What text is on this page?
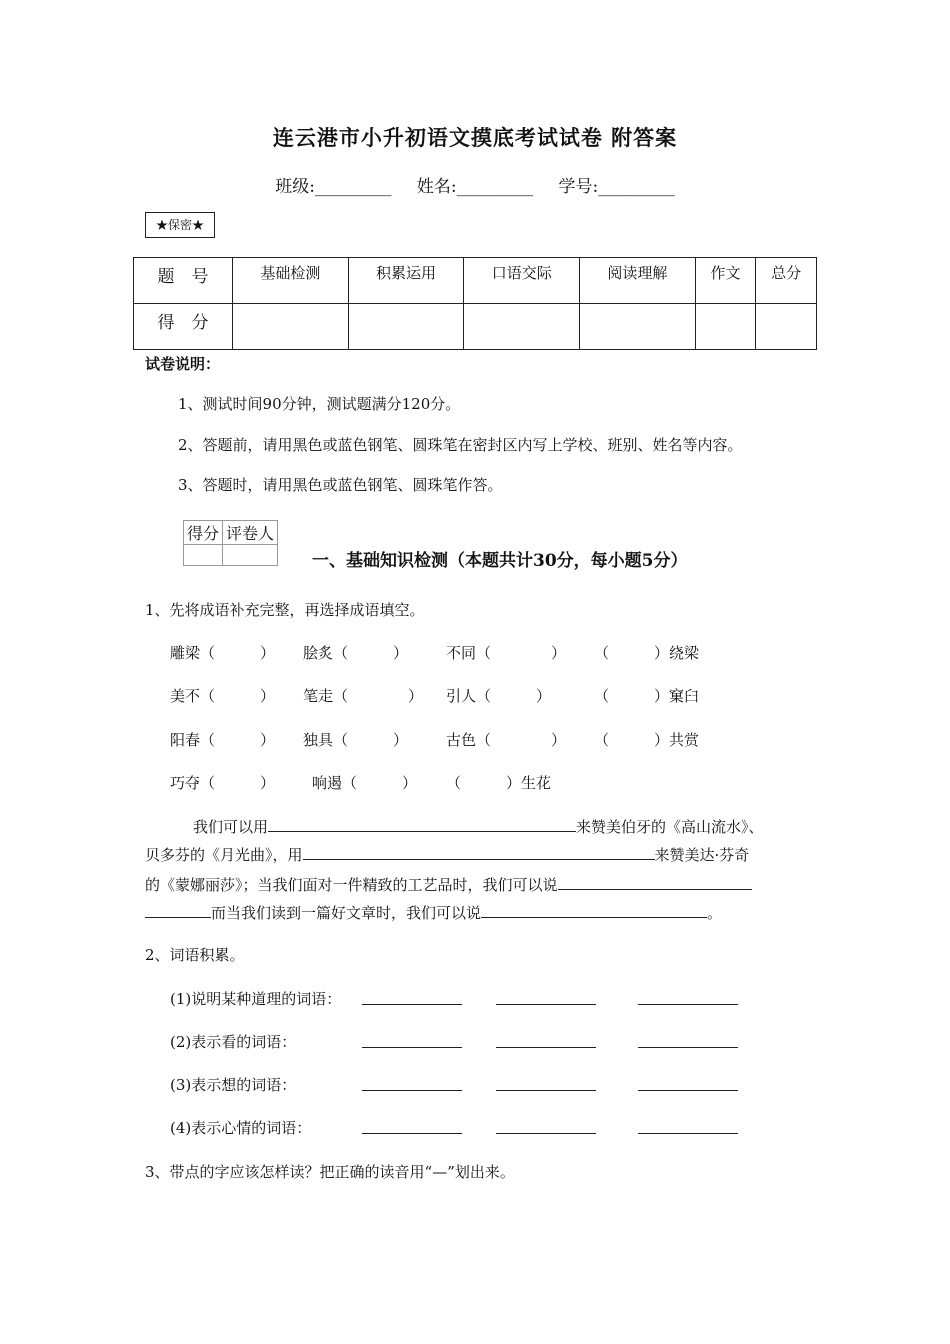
连云港市小升初语文摸底考试试卷 附答案
班级:_________ 姓名:_________ 学号:_________
★保密★
题　号	基础检测	积累运用	口语交际	阅读理解	作文	总分
得　分						
试卷说明：
1、测试时间90分钟，测试题满分120分。
2、答题前，请用黑色或蓝色钢笔、圆珠笔在密封区内写上学校、班别、姓名等内容。
3、答题时，请用黑色或蓝色钢笔、圆珠笔作答。
得分	评卷人

一、基础知识检测（本题共计30分，每小题5分）
1、先将成语补充完整，再选择成语填空。
雕梁（　　　） 脍炙（　　　）	不同（　　　　） （　　　）绕梁
美不（　　　） 笔走（　　　　） 引人（　　　）	（　　　）窠臼
阳春（　　　） 独具（　　　）	古色（　　　　） （　　　）共赏
巧夺（　　　） 响遏（　　　） （　　　）生花
我们可以用	来赞美伯牙的《高山流水》、
贝多芬的《月光曲》，用	来赞美达·芬奇
的《蒙娜丽莎》；当我们面对一件精致的工艺品时，我们可以说
而当我们读到一篇好文章时，我们可以说	。
2、词语积累。
(1)说明某种道理的词语：
(2)表示看的词语：
(3)表示想的词语：
(4)表示心情的词语：
3、带点的字应该怎样读？把正确的读音用“—”划出来。
